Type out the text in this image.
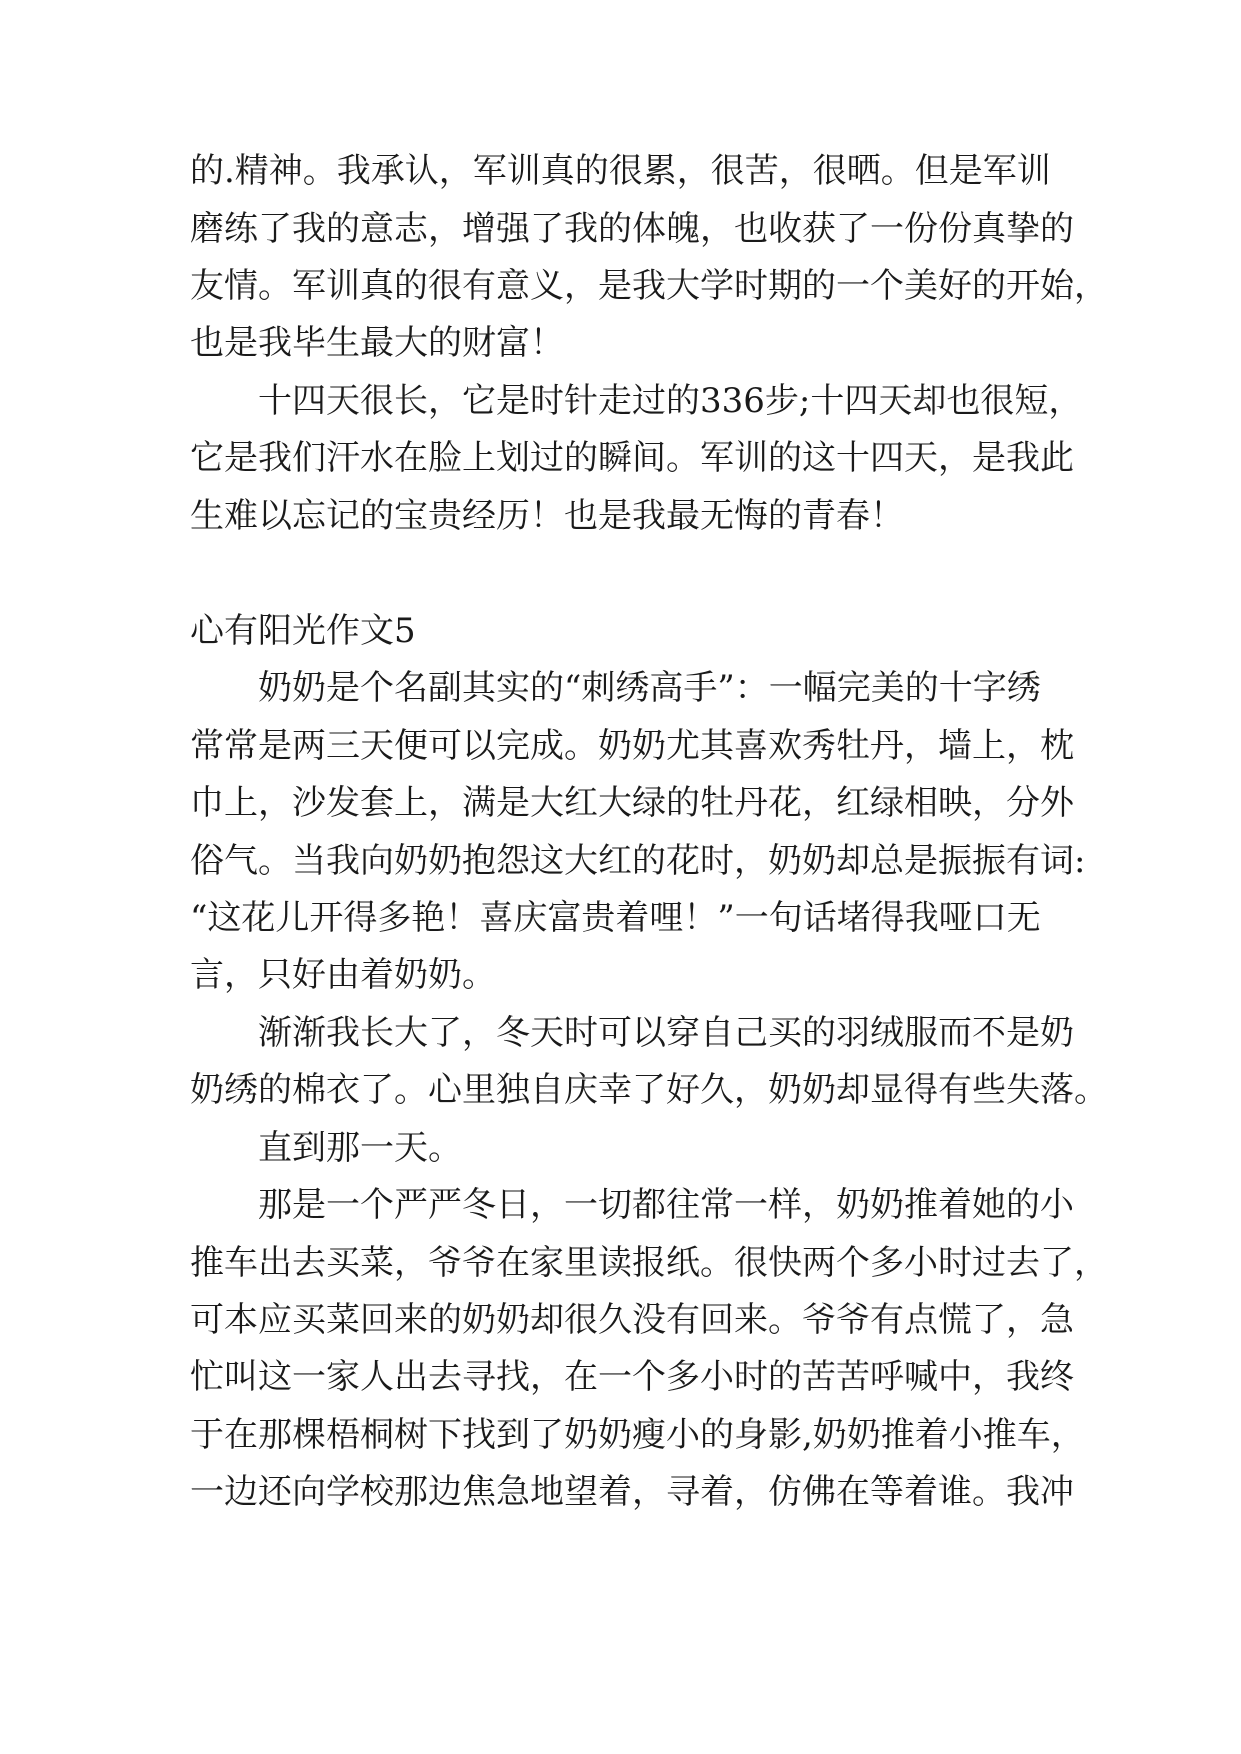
的.精神。我承认，军训真的很累，很苦，很晒。但是军训
磨练了我的意志，增强了我的体魄，也收获了一份份真挚的
友情。军训真的很有意义，是我大学时期的一个美好的开始，
也是我毕生最大的财富！
十四天很长，它是时针走过的336步;十四天却也很短，
它是我们汗水在脸上划过的瞬间。军训的这十四天，是我此
生难以忘记的宝贵经历！也是我最无悔的青春！
心有阳光作文5
奶奶是个名副其实的“刺绣高手”：一幅完美的十字绣
常常是两三天便可以完成。奶奶尤其喜欢秀牡丹，墙上，枕
巾上，沙发套上，满是大红大绿的牡丹花，红绿相映，分外
俗气。当我向奶奶抱怨这大红的花时，奶奶却总是振振有词:
“这花儿开得多艳！喜庆富贵着哩！”一句话堵得我哑口无
言，只好由着奶奶。
渐渐我长大了，冬天时可以穿自己买的羽绒服而不是奶
奶绣的棉衣了。心里独自庆幸了好久，奶奶却显得有些失落。
直到那一天。
那是一个严严冬日，一切都往常一样，奶奶推着她的小
推车出去买菜，爷爷在家里读报纸。很快两个多小时过去了，
可本应买菜回来的奶奶却很久没有回来。爷爷有点慌了，急
忙叫这一家人出去寻找，在一个多小时的苦苦呼喊中，我终
于在那棵梧桐树下找到了奶奶瘦小的身影,奶奶推着小推车，
一边还向学校那边焦急地望着，寻着，仿佛在等着谁。我冲
